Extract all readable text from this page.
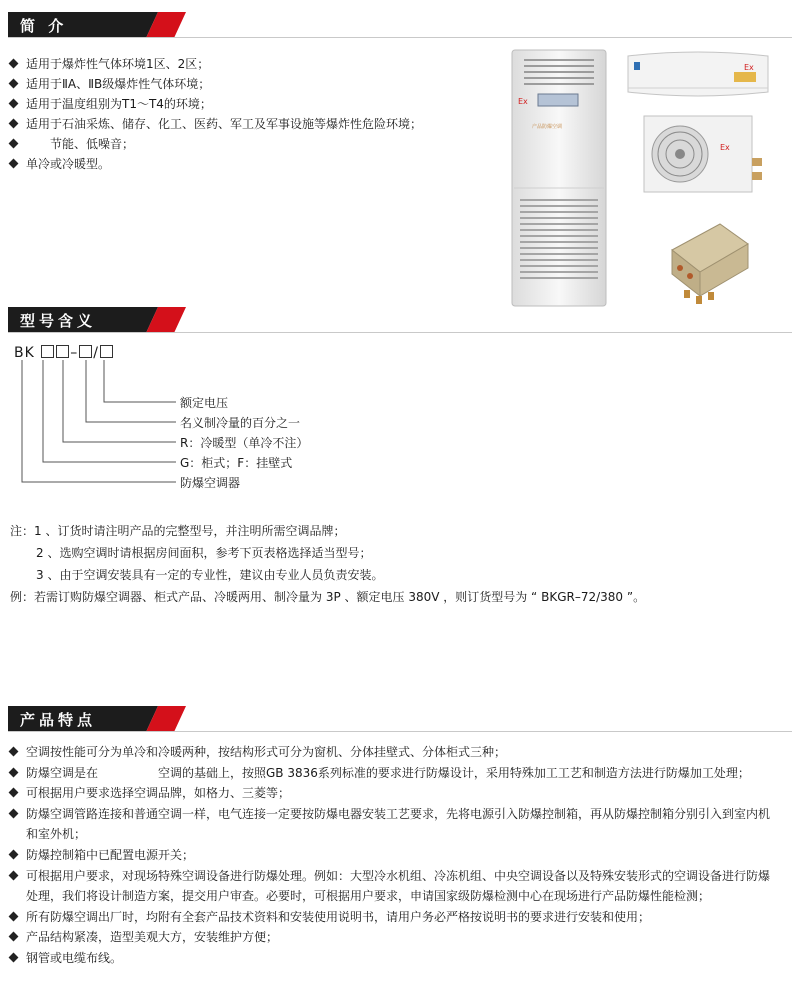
简 介
适用于爆炸性气体环境1区、2区；
适用于ⅡA、ⅡB级爆炸性气体环境；
适用于温度组别为T1～T4的环境；
适用于石油采炼、储存、化工、医药、军工及军事设施等爆炸性危险环境；
　　节能、低噪音；
单冷或冷暖型。
Ex
产品防爆空调
Ex
Ex
型号含义
BK	– /
额定电压
名义制冷量的百分之一
R：冷暖型（单冷不注）
G：柜式；F：挂壁式
防爆空调器
注：1 、订货时请注明产品的完整型号，并注明所需空调品牌；
2 、选购空调时请根据房间面积，参考下页表格选择适当型号；
3 、由于空调安装具有一定的专业性，建议由专业人员负责安装。
例：若需订购防爆空调器、柜式产品、冷暖两用、制冷量为 3P 、额定电压 380V ，则订货型号为 “ BKGR–72/380 ”。
产品特点
空调按性能可分为单冷和冷暖两种，按结构形式可分为窗机、分体挂壁式、分体柜式三种；
防爆空调是在　　　　　空调的基础上，按照GB 3836系列标准的要求进行防爆设计，采用特殊加工工艺和制造方法进行防爆加工处理；
可根据用户要求选择空调品牌，如格力、三菱等；
防爆空调管路连接和普通空调一样，电气连接一定要按防爆电器安装工艺要求，先将电源引入防爆控制箱，再从防爆控制箱分别引入到室内机和室外机；
防爆控制箱中已配置电源开关；
可根据用户要求，对现场特殊空调设备进行防爆处理。例如：大型冷水机组、冷冻机组、中央空调设备以及特殊安装形式的空调设备进行防爆处理，我们将设计制造方案，提交用户审查。必要时，可根据用户要求，申请国家级防爆检测中心在现场进行产品防爆性能检测；
所有防爆空调出厂时，均附有全套产品技术资料和安装使用说明书，请用户务必严格按说明书的要求进行安装和使用；
产品结构紧凑，造型美观大方，安装维护方便；
钢管或电缆布线。
